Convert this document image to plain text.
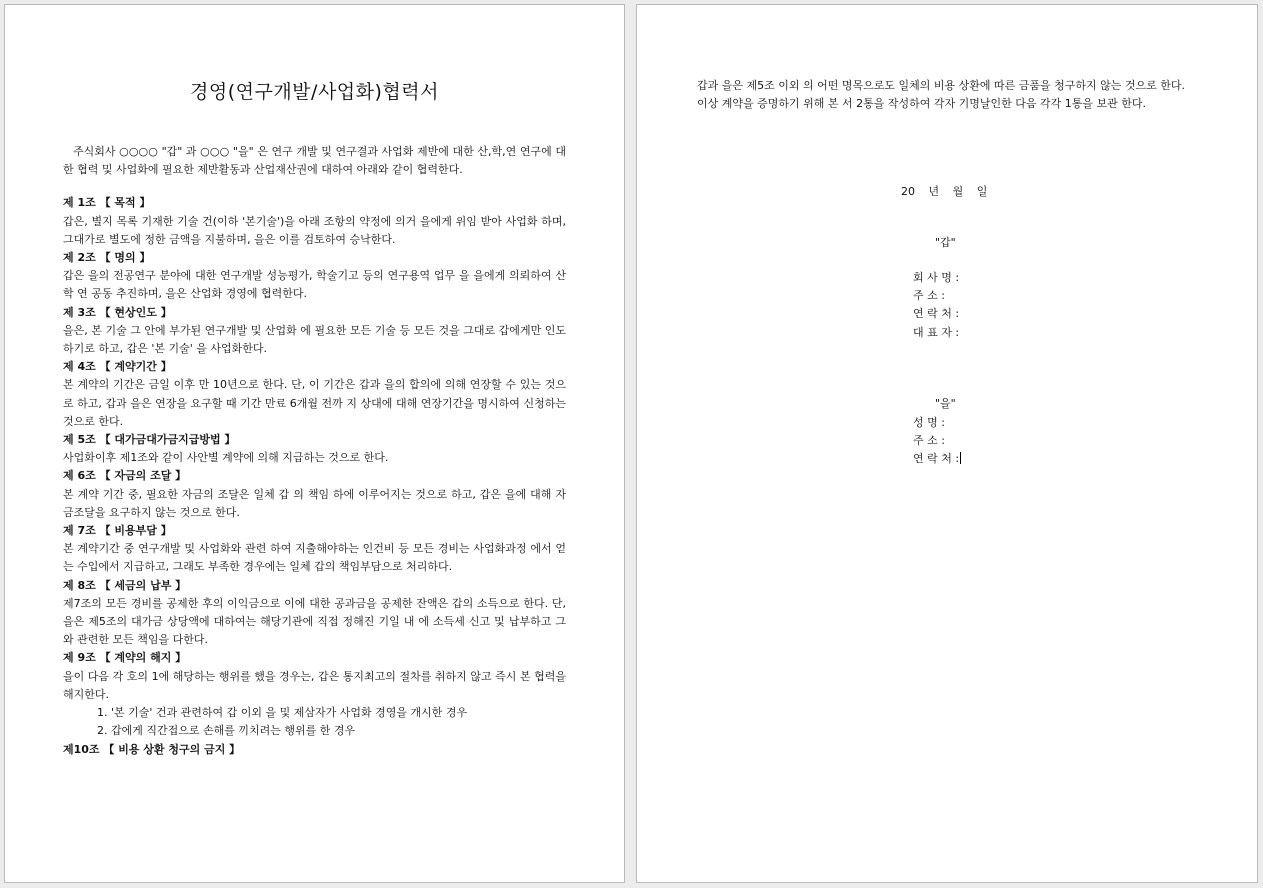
경영(연구개발/사업화)협력서

주식회사 ○○○○ "갑" 과 ○○○ "을" 은 연구 개발 및 연구결과 사업화 제반에 대한 산,학,연 연구에 대한 협력 및 사업화에 필요한 제반활동과 산업재산권에 대하여 아래와 같이 협력한다.

제 1조 【 목적 】

갑은, 별지 목록 기재한 기술 건(이하 '본기술')을 아래 조항의 약정에 의거 을에게 위임 받아 사업화 하며,그대가로 별도에 정한 금액을 지불하며, 을은 이를 검토하여 승낙한다.

제 2조 【 명의 】

갑은 을의 전공연구 분야에 대한 연구개발 성능평가, 학술기고 등의 연구용역 업무 을 을에게 의뢰하여 산 학 연 공동 추진하며, 을은 산업화 경영에 협력한다.

제 3조 【 현상인도 】

을은, 본 기술 그 안에 부가된 연구개발 및 산업화 에 필요한 모든 기술 등 모든 것을 그대로 갑에게만 인도하기로 하고, 갑은 '본 기술' 을 사업화한다.

제 4조 【 계약기간 】

본 계약의 기간은 금일 이후 만 10년으로 한다. 단, 이 기간은 갑과 을의 합의에 의해 연장할 수 있는 것으로 하고, 갑과 을은 연장을 요구할 때 기간 만료 6개월 전까 지 상대에 대해 연장기간을 명시하여 신청하는 것으로 한다.

제 5조 【 대가금대가금지급방법 】

사업화이후 제1조와 같이 사안별 계약에 의해 지급하는 것으로 한다.

제 6조 【 자금의 조달 】

본 계약 기간 중, 필요한 자금의 조달은 일체 갑 의 책임 하에 이루어지는 것으로 하고, 갑은 을에 대해 자금조달을 요구하지 않는 것으로 한다.

제 7조 【 비용부담 】

본 계약기간 중 연구개발 및 사업화와 관련 하여 지출해야하는 인건비 등 모든 경비는 사업화과정 에서 얻는 수입에서 지급하고, 그래도 부족한 경우에는 일체 갑의 책임부담으로 처리하다.

제 8조 【 세금의 납부 】

제7조의 모든 경비를 공제한 후의 이익금으로 이에 대한 공과금을 공제한 잔액은 갑의 소득으로 한다. 단, 을은 제5조의 대가금 상당액에 대하여는 해당기관에 직접 정해진 기일 내 에 소득세 신고 및 납부하고 그와 관련한 모든 책임을 다한다.

제 9조 【 계약의 해지 】

을이 다음 각 호의 1에 해당하는 행위를 했을 경우는, 갑은 통지최고의 절차를 취하지 않고 즉시 본 협력을 해지한다.

1. '본 기술' 건과 관련하여 갑 이외 을 및 제삼자가 사업화 경영을 개시한 경우

2. 갑에게 직간접으로 손해를 끼치려는 행위를 한 경우

제10조 【 비용 상환 청구의 금지 】

갑과 을은 제5조 이외 의 어떤 명목으로도 일체의 비용 상환에 따른 금품을 청구하지 않는 것으로 한다.

이상 계약을 증명하기 위해 본 서 2통을 작성하여 각자 기명날인한 다음 각각 1통을 보관 한다.

20 년 월 일
"갑"
회 사 명 :
주 소 :
연 락 처 :
대 표 자 :
"을"
성 명 :
주 소 :
연 락 처 :
